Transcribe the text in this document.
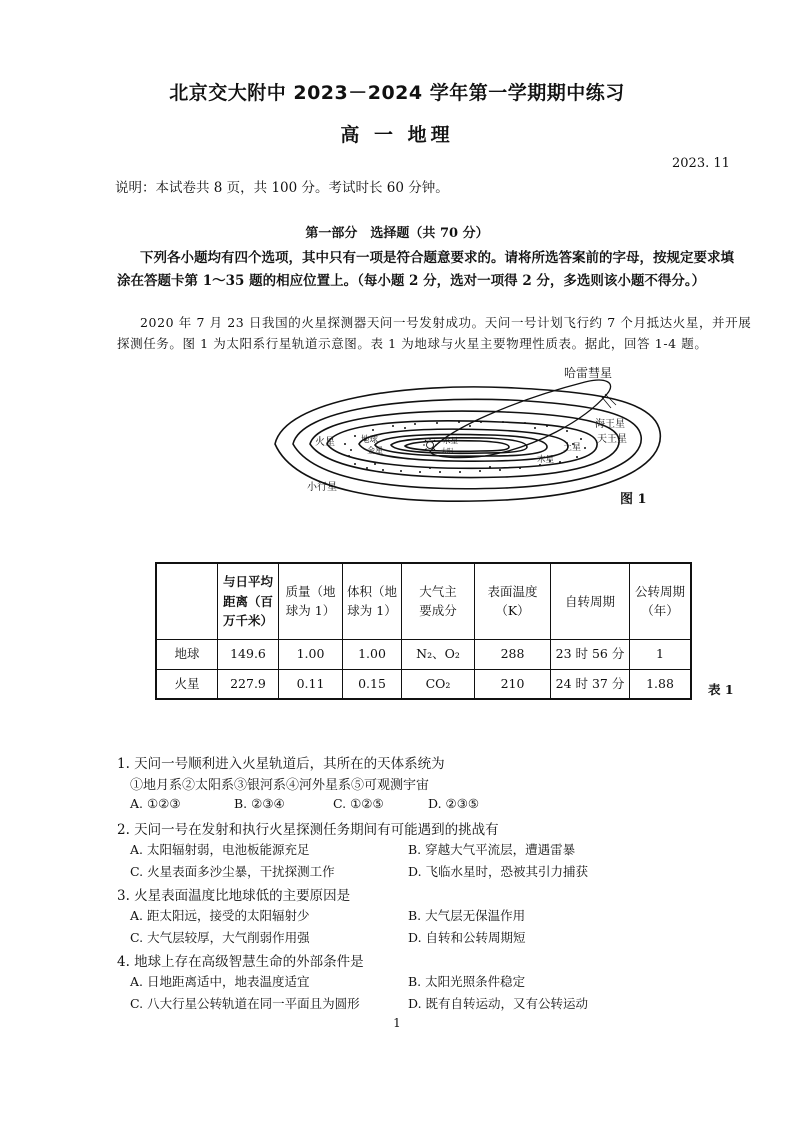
北京交大附中 2023－2024 学年第一学期期中练习
高 一 地理
2023. 11
说明：本试卷共 8 页，共 100 分。考试时长 60 分钟。
第一部分　选择题（共 70 分）
下列各小题均有四个选项，其中只有一项是符合题意要求的。请将所选答案前的字母，按规定要求填
涂在答题卡第 1～35 题的相应位置上。（每小题 2 分，选对一项得 2 分，多选则该小题不得分。）
2020 年 7 月 23 日我国的火星探测器天问一号发射成功。天问一号计划飞行约 7 个月抵达火星，并开展
探测任务。图 1 为太阳系行星轨道示意图。表 1 为地球与火星主要物理性质表。据此，回答 1-4 题。
哈雷彗星
海王星
天王星
土星
木星
火星	地球
金星
水星
太阳
小行星
图 1

	与日平均距离（百万千米）	质量（地球为 1）	体积（地球为 1）	大气主要成分	表面温度（K）	自转周期	公转周期（年）

地球	149.6	1.00	1.00	N₂、O₂	288	23 时 56 分	1
火星	227.9	0.11	0.15	CO₂	210	24 时 37 分	1.88	表 1
1. 天问一号顺利进入火星轨道后，其所在的天体系统为
①地月系②太阳系③银河系④河外星系⑤可观测宇宙
A. ①②③	B. ②③④	C. ①②⑤	D. ②③⑤
2. 天问一号在发射和执行火星探测任务期间有可能遇到的挑战有
A. 太阳辐射弱，电池板能源充足	B. 穿越大气平流层，遭遇雷暴
C. 火星表面多沙尘暴，干扰探测工作	D. 飞临水星时，恐被其引力捕获
3. 火星表面温度比地球低的主要原因是
A. 距太阳远，接受的太阳辐射少	B. 大气层无保温作用
C. 大气层较厚，大气削弱作用强	D. 自转和公转周期短
4. 地球上存在高级智慧生命的外部条件是
A. 日地距离适中，地表温度适宜	B. 太阳光照条件稳定
C. 八大行星公转轨道在同一平面且为圆形	D. 既有自转运动，又有公转运动
1
